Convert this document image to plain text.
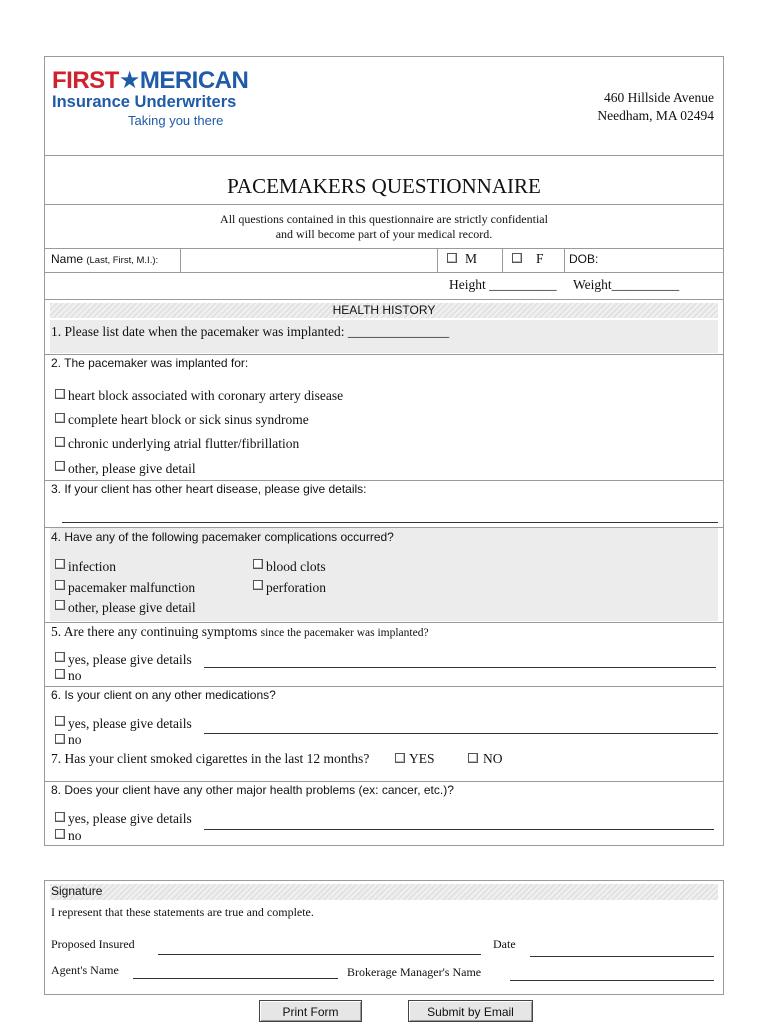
FIRST★MERICAN
Insurance Underwriters
Taking you there
460 Hillside Avenue
Needham, MA 02494
PACEMAKERS QUESTIONNAIRE
All questions contained in this questionnaire are strictly confidential
and will become part of your medical record.
Name (Last, First, M.I.):	M	F DOB:
Height __________ Weight__________
HEALTH HISTORY
1. Please list date when the pacemaker was implanted: _______________
2. The pacemaker was implanted for:
heart block associated with coronary artery disease
complete heart block or sick sinus syndrome
chronic underlying atrial flutter/fibrillation
other, please give detail
3. If your client has other heart disease, please give details:
4. Have any of the following pacemaker complications occurred?
infection
pacemaker malfunction
other, please give detail
blood clots
perforation
5. Are there any continuing symptoms since the pacemaker was implanted?
yes, please give details
no
6. Is your client on any other medications?
yes, please give details
no
7. Has your client smoked cigarettes in the last 12 months?	YES	NO
8. Does your client have any other major health problems (ex: cancer, etc.)?
yes, please give details
no
Signature
I represent that these statements are true and complete.
Proposed Insured	Date
Agent's Name	Brokerage Manager's Name
Print Form	Submit by Email
